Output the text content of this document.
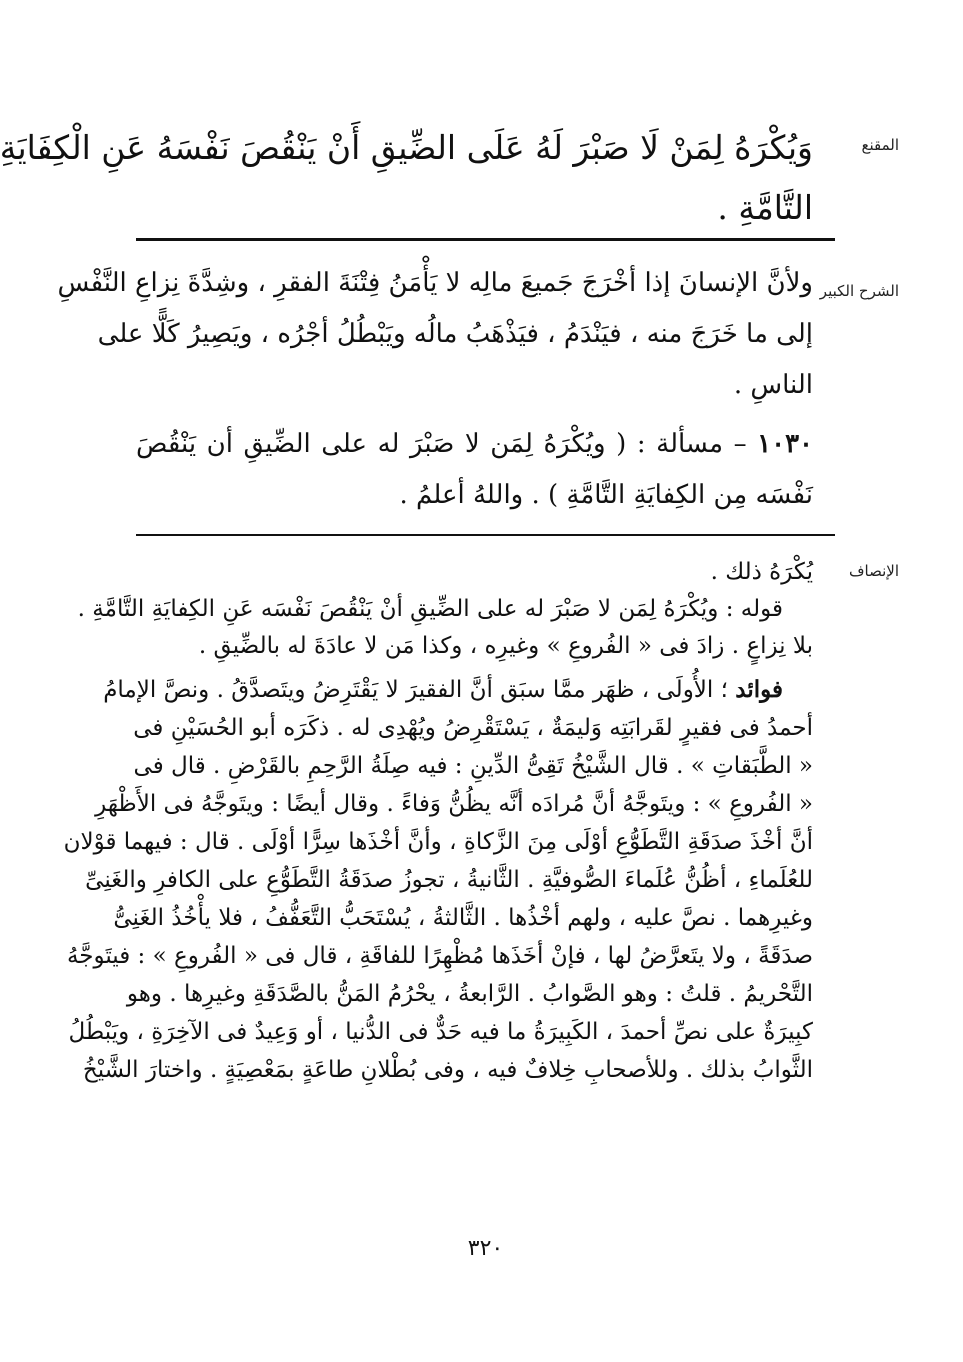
المقنع
وَيُكْرَهُ لِمَنْ لَا صَبْرَ لَهُ عَلَى الضِّيقِ أَنْ يَنْقُصَ نَفْسَهُ عَنِ الْكِفَايَةِ
التَّامَّةِ .
الشرح الكبير
ولأنَّ الإنسانَ إذا أخْرَجَ جَميعَ مالِه لا يَأْمَنُ فِتْنَةَ الفقرِ ، وشِدَّةَ نِزاعِ النَّفْسِ
إلى ما خَرَجَ منه ، فيَنْدَمُ ، فيَذْهَبُ مالُه ويَبْطُلُ أجْرُه ، ويَصِيرُ كَلًّا على
الناسِ .
١٠٣٠ – مسألة : ( ويُكْرَهُ لِمَن لا صَبْرَ له على الضِّيقِ أن يَنْقُصَ
نَفْسَه مِن الكِفايَةِ التَّامَّةِ ) . واللهُ أعلمُ .
الإنصاف
يُكْرَهُ ذلك .
قوله : ويُكْرَهُ لِمَن لا صَبْرَ له على الضِّيقِ أنْ يَنْقُصَ نَفْسَه عَنِ الكِفايَةِ التَّامَّةِ .
بلا نِزاعٍ . زادَ فى « الفُروعِ » وغيرِه ، وكذا مَن لا عادَةَ له بالضِّيقِ .
فوائد ؛ الأُولَى ، ظهَر ممَّا سبَق أنَّ الفقيرَ لا يَقْتَرِضُ ويتَصدَّقُ . ونصَّ الإمامُ
أحمدُ فى فقيرٍ لقَرابَتِه وَليمَةٌ ، يَسْتَقْرِضُ ويُهْدِى له . ذكَرَه أبو الحُسَيْنِ فى
« الطَّبَقاتِ » . قال الشَّيْخُ تَقِىُّ الدِّينِ : فيه صِلَةُ الرَّحِمِ بالقَرْضِ . قال فى
« الفُروعِ » : ويتَوجَّهُ أنَّ مُرادَه أنَّه يظُنُّ وَفاءً . وقال أيضًا : ويتَوجَّهُ فى الأَظْهَرِ
أنَّ أخْذَ صدَقَةِ التَّطَوُّعِ أوْلَى مِنَ الزَّكاةِ ، وأنَّ أخْذَها سِرًّا أوْلَى . قال : فيهما قوْلان
للعُلَماءِ ، أظُنُّ عُلَماءَ الصُّوفيَّةِ . الثَّانيةُ ، تجوزُ صدَقَةُ التَّطَوُّعِ على الكافرِ والغَنِىِّ
وغيرِهما . نصَّ عليه ، ولهم أخْذُها . الثَّالثةُ ، يُسْتَحَبُّ التَّعَفُّفُ ، فلا يأْخُذُ الغَنِىُّ
صدَقَةً ، ولا يتَعرَّضُ لها ، فإنْ أخَذَها مُظْهِرًا للفاقَةِ ، قال فى « الفُروعِ » : فيتَوجَّهُ
التَّحْريمُ . قلتُ : وهو الصَّوابُ . الرَّابعةُ ، يحْرُمُ المَنُّ بالصَّدَقَةِ وغيرِها . وهو
كبِيرَةٌ على نصِّ أحمدَ ، الكَبِيرَةُ ما فيه حَدٌّ فى الدُّنيا ، أو وَعِيدٌ فى الآخِرَةِ ، ويَبْطُلُ
الثَّوابُ بذلك . وللأصحابِ خِلافٌ فيه ، وفى بُطْلانِ طاعَةٍ بمَعْصِيَةٍ . واختارَ الشَّيْخُ
٣٢٠
